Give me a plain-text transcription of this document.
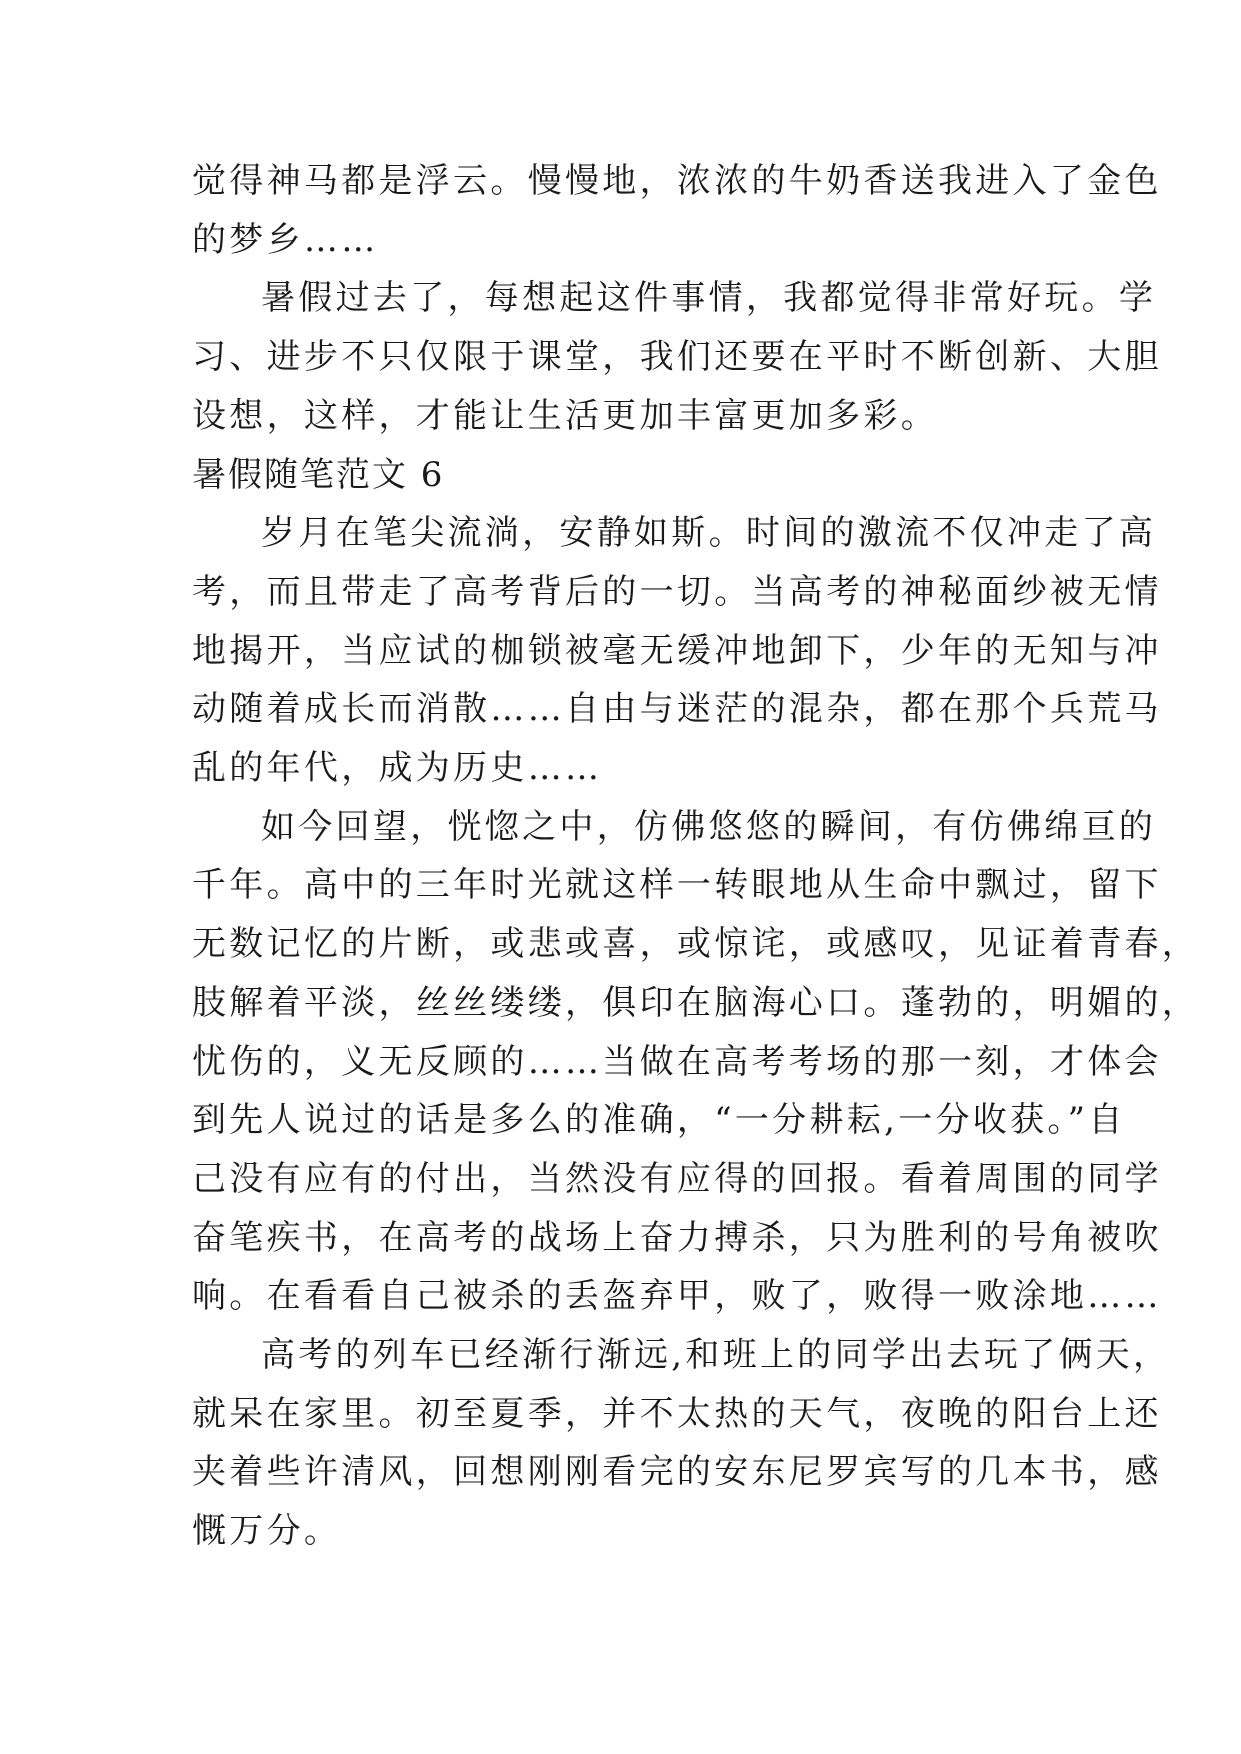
觉得神马都是浮云。慢慢地，浓浓的牛奶香送我进入了金色
的梦乡……
暑假过去了，每想起这件事情，我都觉得非常好玩。学
习、进步不只仅限于课堂，我们还要在平时不断创新、大胆
设想，这样，才能让生活更加丰富更加多彩。
暑假随笔范文 6
岁月在笔尖流淌，安静如斯。时间的激流不仅冲走了高
考，而且带走了高考背后的一切。当高考的神秘面纱被无情
地揭开，当应试的枷锁被毫无缓冲地卸下，少年的无知与冲
动随着成长而消散……自由与迷茫的混杂，都在那个兵荒马
乱的年代，成为历史……
如今回望，恍惚之中，仿佛悠悠的瞬间，有仿佛绵亘的
千年。高中的三年时光就这样一转眼地从生命中飘过，留下
无数记忆的片断，或悲或喜，或惊诧，或感叹，见证着青春，
肢解着平淡，丝丝缕缕，俱印在脑海心口。蓬勃的，明媚的，
忧伤的，义无反顾的……当做在高考考场的那一刻，才体会
到先人说过的话是多么的准确，“一分耕耘,一分收获。”自
己没有应有的付出，当然没有应得的回报。看着周围的同学
奋笔疾书，在高考的战场上奋力搏杀，只为胜利的号角被吹
响。在看看自己被杀的丢盔弃甲，败了，败得一败涂地……
高考的列车已经渐行渐远,和班上的同学出去玩了俩天，
就呆在家里。初至夏季，并不太热的天气，夜晚的阳台上还
夹着些许清风，回想刚刚看完的安东尼罗宾写的几本书，感
慨万分。
